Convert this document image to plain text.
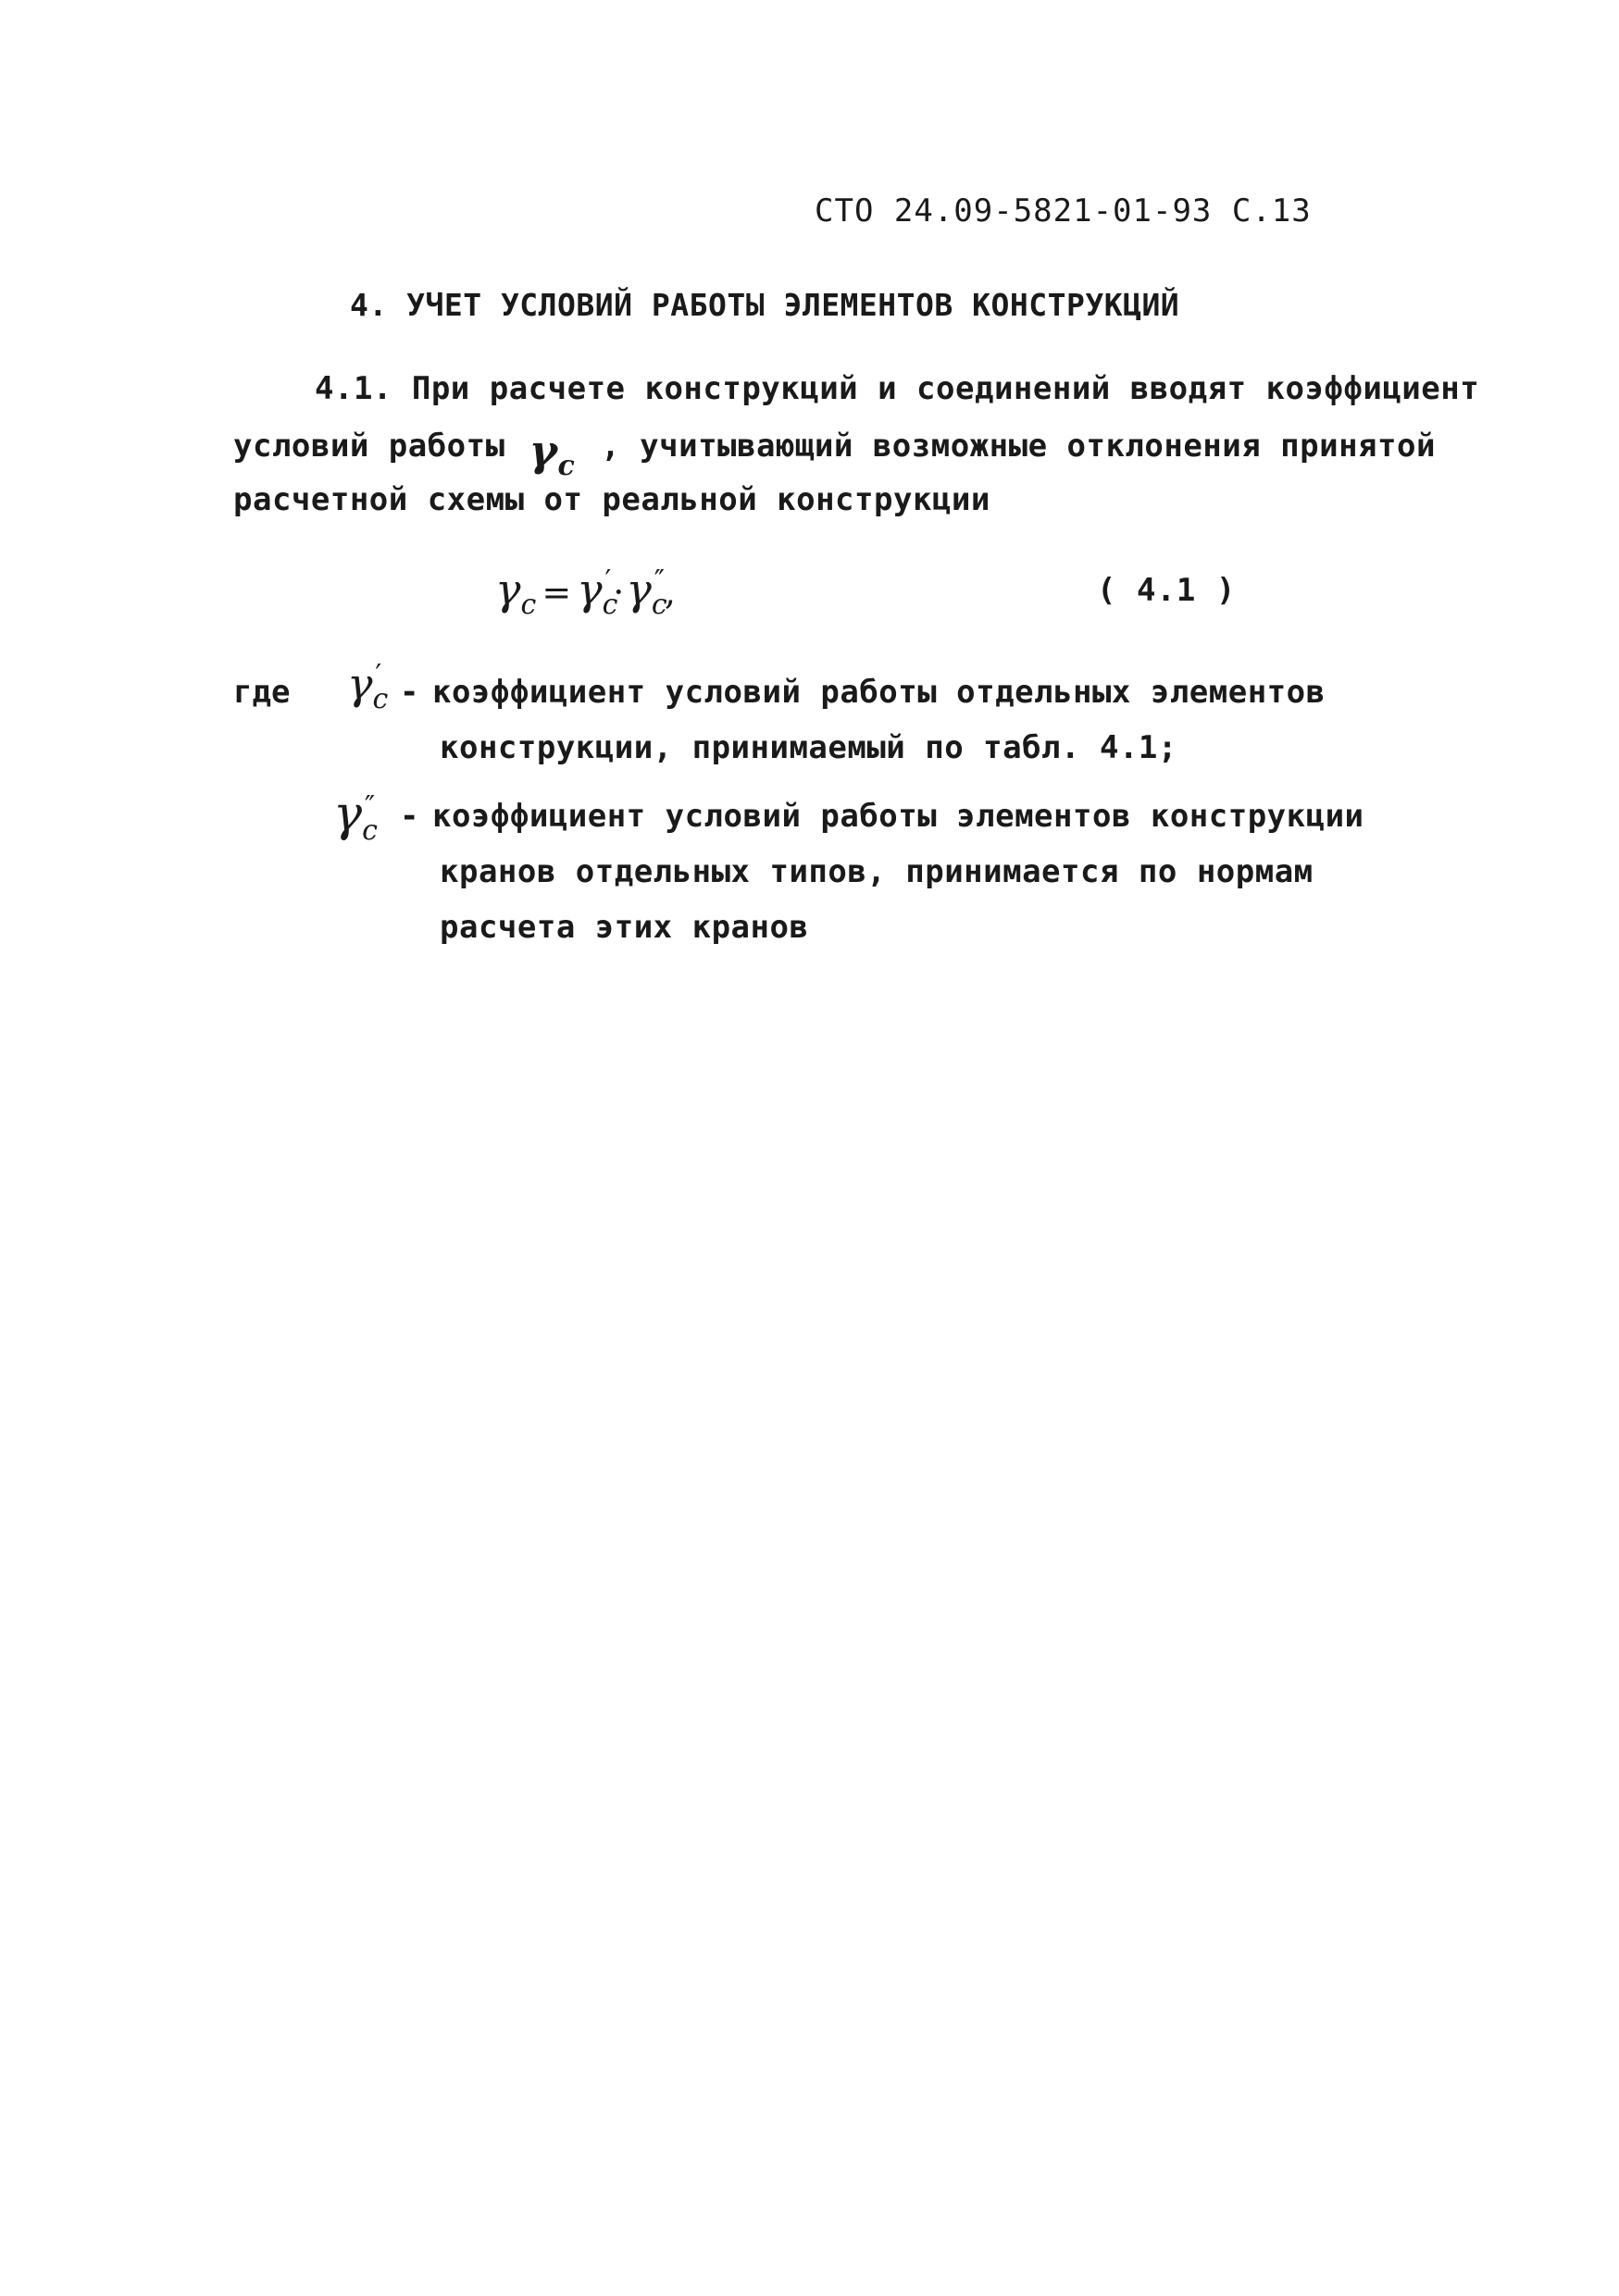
СТО 24.09-5821-01-93 С.13
4. УЧЕТ УСЛОВИЙ РАБОТЫ ЭЛЕМЕНТОВ КОНСТРУКЦИЙ
4.1. При расчете конструкций и соединений вводят коэффициент
условий работы γc, учитывающий возможные отклонения принятой
расчетной схемы от реальной конструкции
$\gamma_c = \gamma_c'\cdot\gamma_c''$,	( 4.1 )
где γc′ - коэффициент условий работы отдельных элементов
конструкции, принимаемый по табл. 4.1;
γc″ - коэффициент условий работы элементов конструкции
кранов отдельных типов, принимается по нормам
расчета этих кранов
